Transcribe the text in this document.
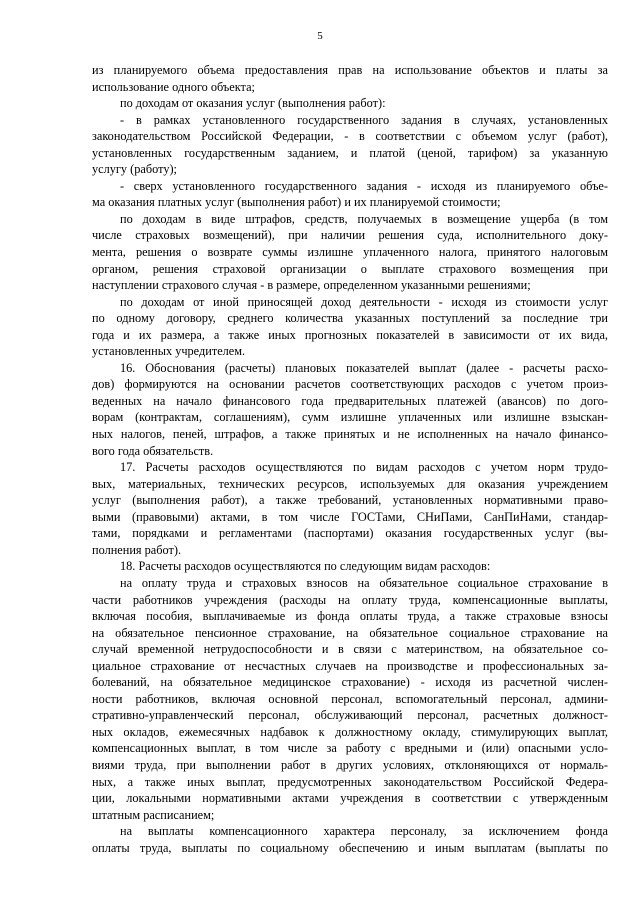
5
из планируемого объема предоставления прав на использование объектов и платы за
использование одного объекта;
по доходам от оказания услуг (выполнения работ):
- в рамках установленного государственного задания в случаях, установленных
законодательством Российской Федерации, - в соответствии с объемом услуг (работ),
установленных государственным заданием, и платой (ценой, тарифом) за указанную
услугу (работу);
- сверх установленного государственного задания - исходя из планируемого объе-
ма оказания платных услуг (выполнения работ) и их планируемой стоимости;
по доходам в виде штрафов, средств, получаемых в возмещение ущерба (в том
числе страховых возмещений), при наличии решения суда, исполнительного доку-
мента, решения о возврате суммы излишне уплаченного налога, принятого налоговым
органом, решения страховой организации о выплате страхового возмещения при
наступлении страхового случая - в размере, определенном указанными решениями;
по доходам от иной приносящей доход деятельности - исходя из стоимости услуг
по одному договору, среднего количества указанных поступлений за последние три
года и их размера, а также иных прогнозных показателей в зависимости от их вида,
установленных учредителем.
16. Обоснования (расчеты) плановых показателей выплат (далее - расчеты расхо-
дов) формируются на основании расчетов соответствующих расходов с учетом произ-
веденных на начало финансового года предварительных платежей (авансов) по дого-
ворам (контрактам, соглашениям), сумм излишне уплаченных или излишне взыскан-
ных налогов, пеней, штрафов, а также принятых и не исполненных на начало финансо-
вого года обязательств.
17. Расчеты расходов осуществляются по видам расходов с учетом норм трудо-
вых, материальных, технических ресурсов, используемых для оказания учреждением
услуг (выполнения работ), а также требований, установленных нормативными право-
выми (правовыми) актами, в том числе ГОСТами, СНиПами, СанПиНами, стандар-
тами, порядками и регламентами (паспортами) оказания государственных услуг (вы-
полнения работ).
18. Расчеты расходов осуществляются по следующим видам расходов:
на оплату труда и страховых взносов на обязательное социальное страхование в
части работников учреждения (расходы на оплату труда, компенсационные выплаты,
включая пособия, выплачиваемые из фонда оплаты труда, а также страховые взносы
на обязательное пенсионное страхование, на обязательное социальное страхование на
случай временной нетрудоспособности и в связи с материнством, на обязательное со-
циальное страхование от несчастных случаев на производстве и профессиональных за-
болеваний, на обязательное медицинское страхование) - исходя из расчетной числен-
ности работников, включая основной персонал, вспомогательный персонал, админи-
стративно-управленческий персонал, обслуживающий персонал, расчетных должност-
ных окладов, ежемесячных надбавок к должностному окладу, стимулирующих выплат,
компенсационных выплат, в том числе за работу с вредными и (или) опасными усло-
виями труда, при выполнении работ в других условиях, отклоняющихся от нормаль-
ных, а также иных выплат, предусмотренных законодательством Российской Федера-
ции, локальными нормативными актами учреждения в соответствии с утвержденным
штатным расписанием;
на выплаты компенсационного характера персоналу, за исключением фонда
оплаты труда, выплаты по социальному обеспечению и иным выплатам (выплаты по
